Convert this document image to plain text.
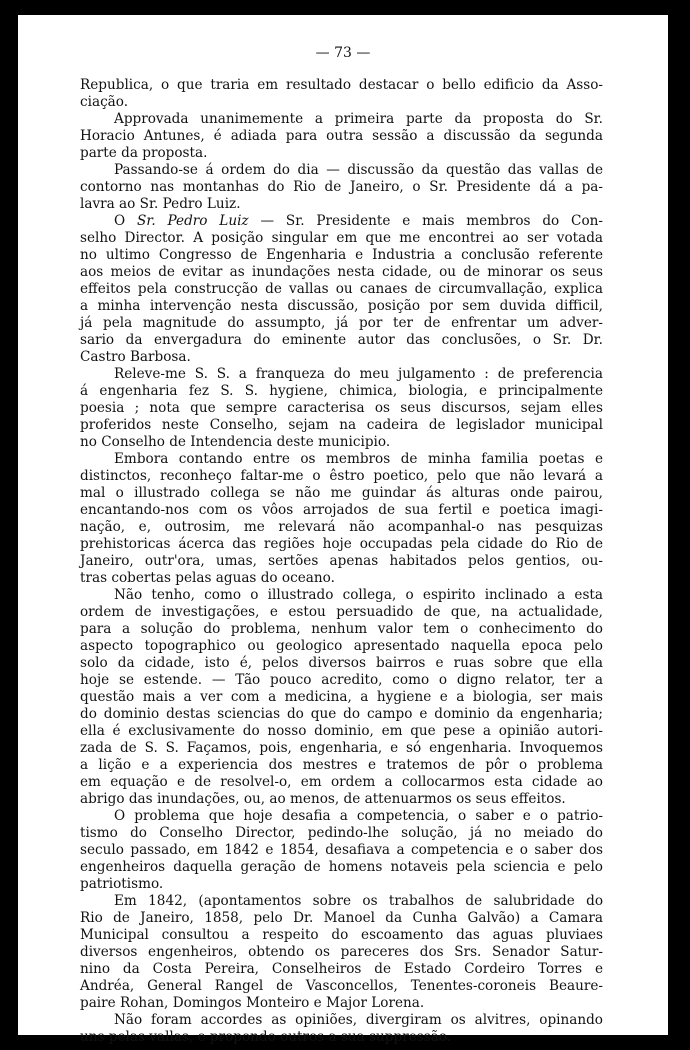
— 73 —
Republica, o que traria em resultado destacar o bello edificio da Asso-
ciação.
Approvada unanimemente a primeira parte da proposta do Sr.
Horacio Antunes, é adiada para outra sessão a discussão da segunda
parte da proposta.
Passando-se á ordem do dia — discussão da questão das vallas de
contorno nas montanhas do Rio de Janeiro, o Sr. Presidente dá a pa-
lavra ao Sr. Pedro Luiz.
O Sr. Pedro Luiz — Sr. Presidente e mais membros do Con-
selho Director. A posição singular em que me encontrei ao ser votada
no ultimo Congresso de Engenharia e Industria a conclusão referente
aos meios de evitar as inundações nesta cidade, ou de minorar os seus
effeitos pela construcção de vallas ou canaes de circumvallação, explica
a minha intervenção nesta discussão, posição por sem duvida difficil,
já pela magnitude do assumpto, já por ter de enfrentar um adver-
sario da envergadura do eminente autor das conclusões, o Sr. Dr.
Castro Barbosa.
Releve-me S. S. a franqueza do meu julgamento : de preferencia
á engenharia fez S. S. hygiene, chimica, biologia, e principalmente
poesia ; nota que sempre caracterisa os seus discursos, sejam elles
proferidos neste Conselho, sejam na cadeira de legislador municipal
no Conselho de Intendencia deste municipio.
Embora contando entre os membros de minha familia poetas e
distinctos, reconheço faltar-me o êstro poetico, pelo que não levará a
mal o illustrado collega se não me guindar ás alturas onde pairou,
encantando-nos com os vôos arrojados de sua fertil e poetica imagi-
nação, e, outrosim, me relevará não acompanhal-o nas pesquizas
prehistoricas ácerca das regiões hoje occupadas pela cidade do Rio de
Janeiro, outr'ora, umas, sertões apenas habitados pelos gentios, ou-
tras cobertas pelas aguas do oceano.
Não tenho, como o illustrado collega, o espirito inclinado a esta
ordem de investigações, e estou persuadido de que, na actualidade,
para a solução do problema, nenhum valor tem o conhecimento do
aspecto topographico ou geologico apresentado naquella epoca pelo
solo da cidade, isto é, pelos diversos bairros e ruas sobre que ella
hoje se estende. — Tão pouco acredito, como o digno relator, ter a
questão mais a ver com a medicina, a hygiene e a biologia, ser mais
do dominio destas sciencias do que do campo e dominio da engenharia;
ella é exclusivamente do nosso dominio, em que pese a opinião autori-
zada de S. S. Façamos, pois, engenharia, e só engenharia. Invoquemos
a lição e a experiencia dos mestres e tratemos de pôr o problema
em equação e de resolvel-o, em ordem a collocarmos esta cidade ao
abrigo das inundações, ou, ao menos, de attenuarmos os seus effeitos.
O problema que hoje desafia a competencia, o saber e o patrio-
tismo do Conselho Director, pedindo-lhe solução, já no meiado do
seculo passado, em 1842 e 1854, desafiava a competencia e o saber dos
engenheiros daquella geração de homens notaveis pela sciencia e pelo
patriotismo.
Em 1842, (apontamentos sobre os trabalhos de salubridade do
Rio de Janeiro, 1858, pelo Dr. Manoel da Cunha Galvão) a Camara
Municipal consultou a respeito do escoamento das aguas pluviaes
diversos engenheiros, obtendo os pareceres dos Srs. Senador Satur-
nino da Costa Pereira, Conselheiros de Estado Cordeiro Torres e
Andréa, General Rangel de Vasconcellos, Tenentes-coroneis Beaure-
paire Rohan, Domingos Monteiro e Major Lorena.
Não foram accordes as opiniões, divergiram os alvitres, opinando
uns pelas vallas, e propondo outros a sua suppressão.
